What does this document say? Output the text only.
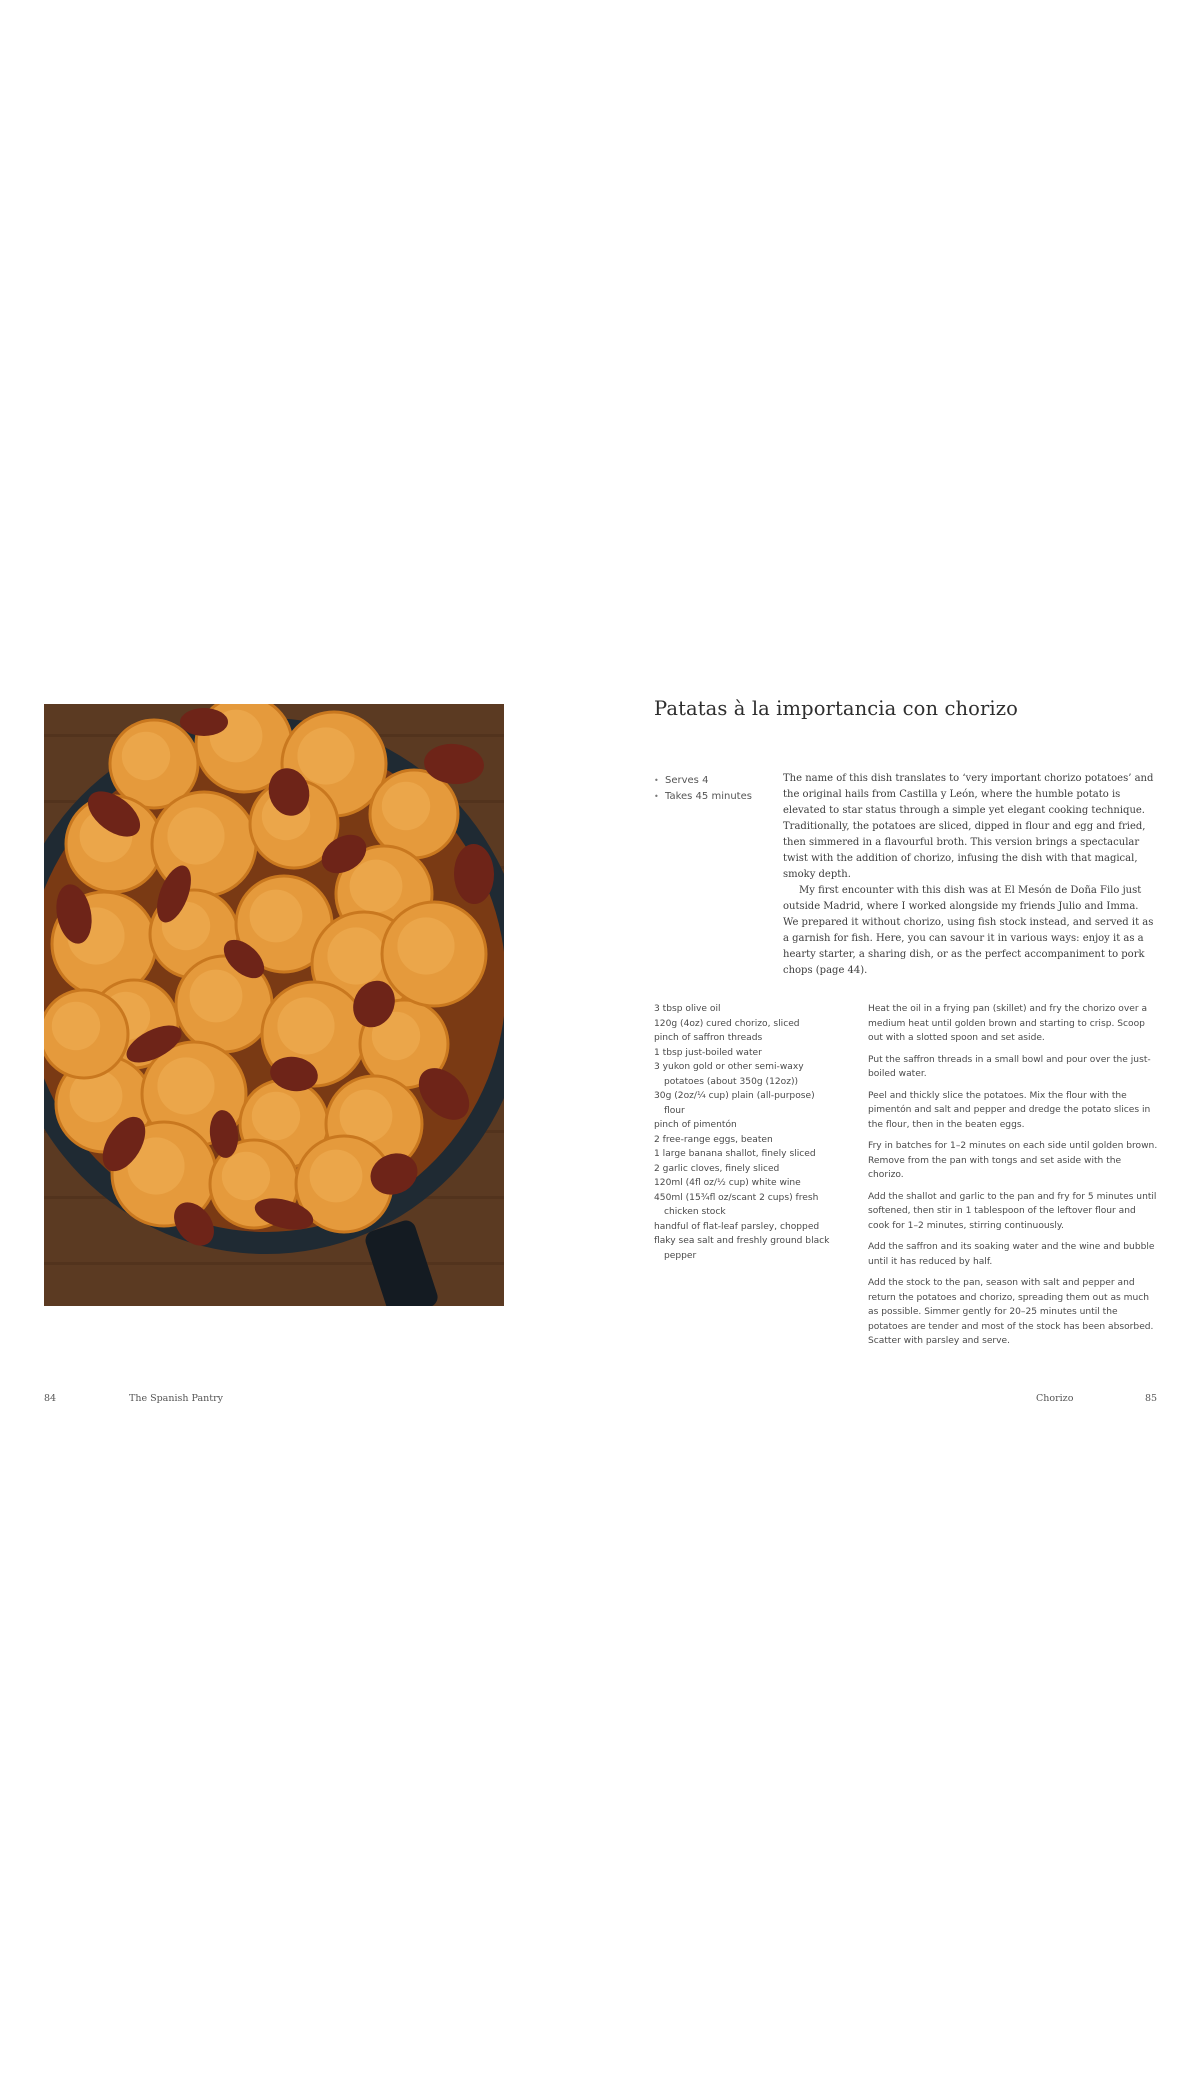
Patatas à la importancia con chorizo
• Serves 4
• Takes 45 minutes

The name of this dish translates to ‘very important chorizo potatoes’ and the original hails from Castilla y León, where the humble potato is elevated to star status through a simple yet elegant cooking technique. Traditionally, the potatoes are sliced, dipped in flour and egg and fried, then simmered in a flavourful broth. This version brings a spectacular twist with the addition of chorizo, infusing the dish with that magical, smoky depth.

My first encounter with this dish was at El Mesón de Doña Filo just outside Madrid, where I worked alongside my friends Julio and Imma. We prepared it without chorizo, using fish stock instead, and served it as a garnish for fish. Here, you can savour it in various ways: enjoy it as a hearty starter, a sharing dish, or as the perfect accompaniment to pork chops (page 44).

3 tbsp olive oil
120g (4oz) cured chorizo, sliced
pinch of saffron threads
1 tbsp just-boiled water
3 yukon gold or other semi-waxy potatoes (about 350g (12oz))
30g (2oz/¼ cup) plain (all-purpose) flour
pinch of pimentón
2 free-range eggs, beaten
1 large banana shallot, finely sliced
2 garlic cloves, finely sliced
120ml (4fl oz/½ cup) white wine
450ml (15¾fl oz/scant 2 cups) fresh chicken stock
handful of flat-leaf parsley, chopped
flaky sea salt and freshly ground black pepper

Heat the oil in a frying pan (skillet) and fry the chorizo over a medium heat until golden brown and starting to crisp. Scoop out with a slotted spoon and set aside.

Put the saffron threads in a small bowl and pour over the just-boiled water.

Peel and thickly slice the potatoes. Mix the flour with the pimentón and salt and pepper and dredge the potato slices in the flour, then in the beaten eggs.

Fry in batches for 1–2 minutes on each side until golden brown. Remove from the pan with tongs and set aside with the chorizo.

Add the shallot and garlic to the pan and fry for 5 minutes until softened, then stir in 1 tablespoon of the leftover flour and cook for 1–2 minutes, stirring continuously.

Add the saffron and its soaking water and the wine and bubble until it has reduced by half.

Add the stock to the pan, season with salt and pepper and return the potatoes and chorizo, spreading them out as much as possible. Simmer gently for 20–25 minutes until the potatoes are tender and most of the stock has been absorbed. Scatter with parsley and serve.

84	The Spanish Pantry	Chorizo	85
